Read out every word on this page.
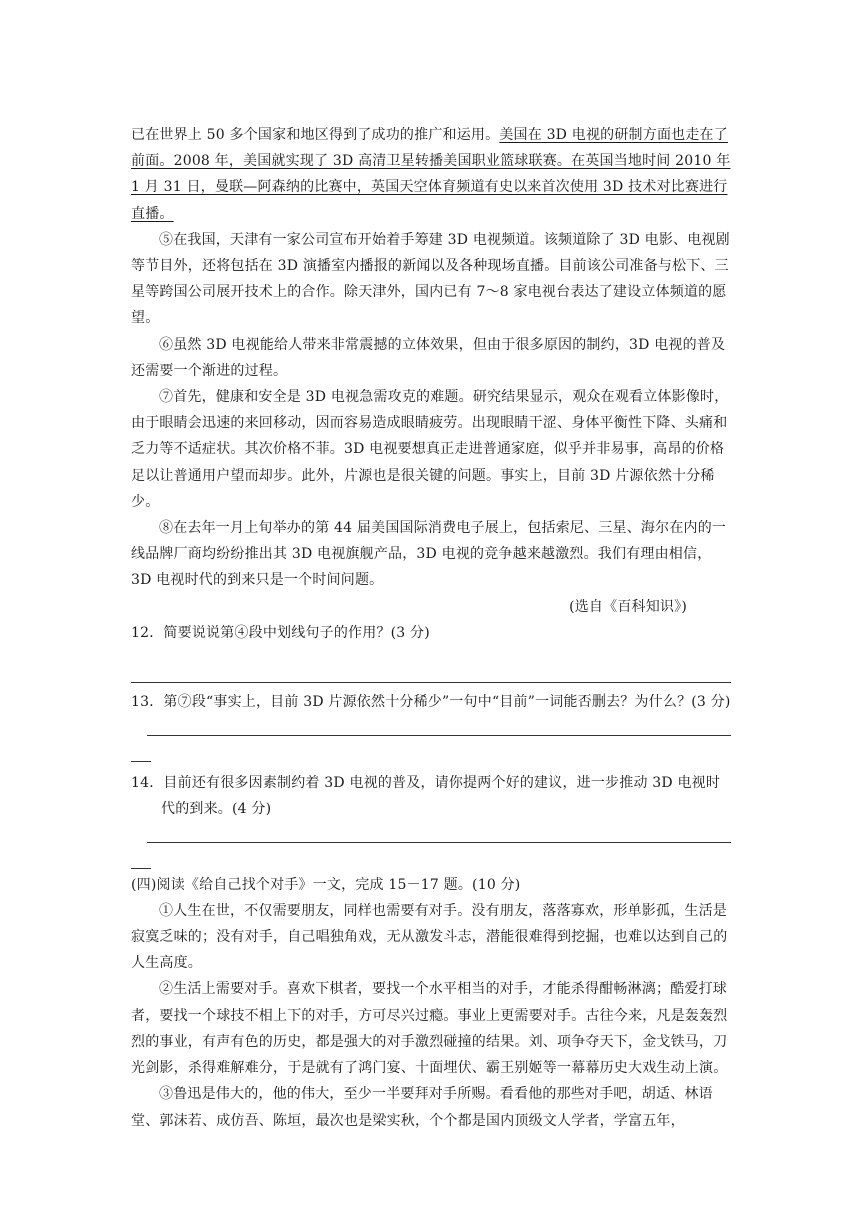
已在世界上 50 多个国家和地区得到了成功的推广和运用。美国在 3D 电视的研制方面也走在了前面。2008 年，美国就实现了 3D 高清卫星转播美国职业篮球联赛。在英国当地时间 2010 年 1 月 31 日，曼联—阿森纳的比赛中，英国天空体育频道有史以来首次使用 3D 技术对比赛进行直播。

⑤在我国，天津有一家公司宣布开始着手筹建 3D 电视频道。该频道除了 3D 电影、电视剧等节目外，还将包括在 3D 演播室内播报的新闻以及各种现场直播。目前该公司准备与松下、三星等跨国公司展开技术上的合作。除天津外，国内已有 7～8 家电视台表达了建设立体频道的愿望。

⑥虽然 3D 电视能给人带来非常震撼的立体效果，但由于很多原因的制约，3D 电视的普及还需要一个渐进的过程。

⑦首先，健康和安全是 3D 电视急需攻克的难题。研究结果显示，观众在观看立体影像时，由于眼睛会迅速的来回移动，因而容易造成眼睛疲劳。出现眼睛干涩、身体平衡性下降、头痛和乏力等不适症状。其次价格不菲。3D 电视要想真正走进普通家庭，似乎并非易事，高昂的价格足以让普通用户望而却步。此外，片源也是很关键的问题。事实上，目前 3D 片源依然十分稀少。

⑧在去年一月上旬举办的第 44 届美国国际消费电子展上，包括索尼、三星、海尔在内的一线品牌厂商均纷纷推出其 3D 电视旗舰产品，3D 电视的竞争越来越激烈。我们有理由相信，3D 电视时代的到来只是一个时间问题。

(选自《百科知识》)

12．简要说说第④段中划线句子的作用？(3 分)

13．第⑦段“事实上，目前 3D 片源依然十分稀少”一句中“目前”一词能否删去？为什么？(3 分)

14．目前还有很多因素制约着 3D 电视的普及，请你提两个好的建议，进一步推动 3D 电视时代的到来。(4 分)

(四)阅读《给自己找个对手》一文，完成 15－17 题。(10 分)

①人生在世，不仅需要朋友，同样也需要有对手。没有朋友，落落寡欢，形单影孤，生活是寂寞乏味的；没有对手，自己唱独角戏，无从激发斗志，潜能很难得到挖掘，也难以达到自己的人生高度。

②生活上需要对手。喜欢下棋者，要找一个水平相当的对手，才能杀得酣畅淋漓；酷爱打球者，要找一个球技不相上下的对手，方可尽兴过瘾。事业上更需要对手。古往今来，凡是轰轰烈烈的事业，有声有色的历史，都是强大的对手激烈碰撞的结果。刘、项争夺天下，金戈铁马，刀光剑影，杀得难解难分，于是就有了鸿门宴、十面埋伏、霸王别姬等一幕幕历史大戏生动上演。

③鲁迅是伟大的，他的伟大，至少一半要拜对手所赐。看看他的那些对手吧，胡适、林语堂、郭沫若、成仿吾、陈垣，最次也是梁实秋，个个都是国内顶级文人学者，学富五年，
